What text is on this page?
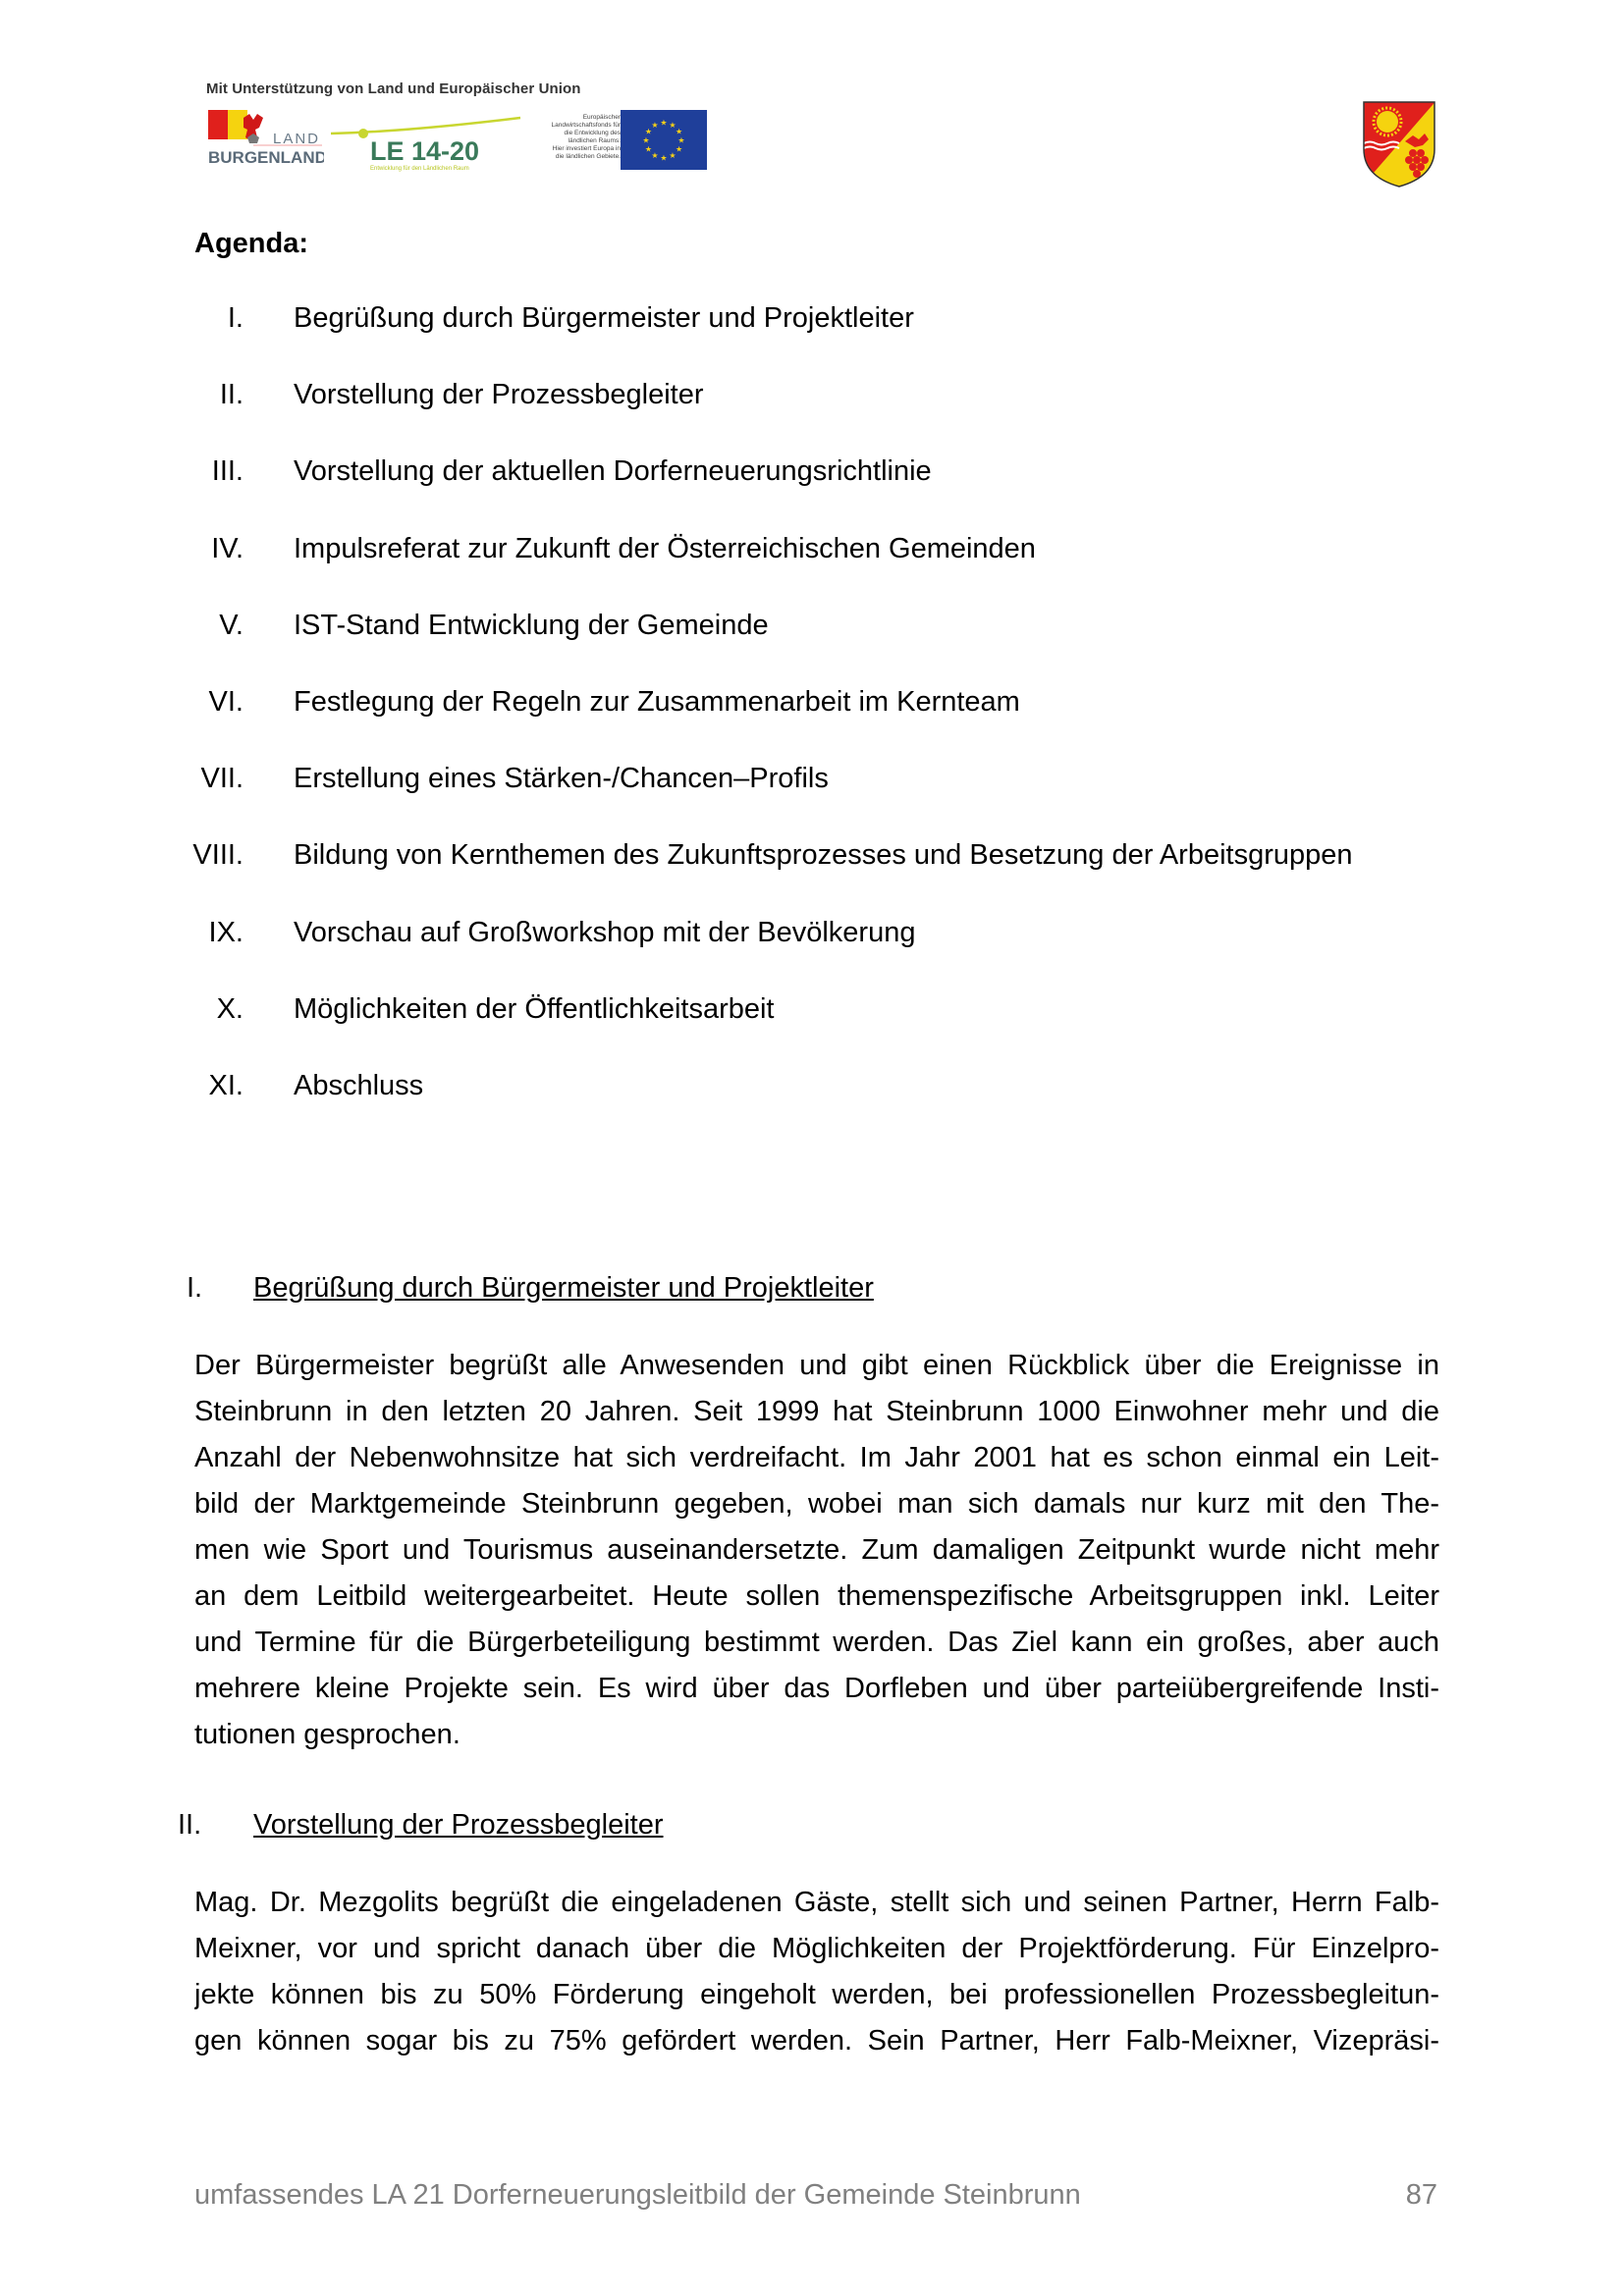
Mit Unterstützung von Land und Europäischer Union
LAND
BURGENLAND LE 14-20
Entwicklung für den Ländlichen Raum
Europäischer
Landwirtschaftsfonds für
die Entwicklung des
ländlichen Raums:
Hier investiert Europa in
die ländlichen Gebiete.
★ ★
★
★
★
★
★
★
★
★
★
★
Agenda:
I. Begrüßung durch Bürgermeister und Projektleiter
II. Vorstellung der Prozessbegleiter
III. Vorstellung der aktuellen Dorferneuerungsrichtlinie
IV. Impulsreferat zur Zukunft der Österreichischen Gemeinden
V. IST-Stand Entwicklung der Gemeinde
VI. Festlegung der Regeln zur Zusammenarbeit im Kernteam
VII. Erstellung eines Stärken-/Chancen–Profils
VIII. Bildung von Kernthemen des Zukunftsprozesses und Besetzung der Arbeitsgruppen
IX. Vorschau auf Großworkshop mit der Bevölkerung
X. Möglichkeiten der Öffentlichkeitsarbeit
XI. Abschluss
I. Begrüßung durch Bürgermeister und Projektleiter
Der Bürgermeister begrüßt alle Anwesenden und gibt einen Rückblick über die Ereignisse in
Steinbrunn in den letzten 20 Jahren. Seit 1999 hat Steinbrunn 1000 Einwohner mehr und die
Anzahl der Nebenwohnsitze hat sich verdreifacht. Im Jahr 2001 hat es schon einmal ein Leit-
bild der Marktgemeinde Steinbrunn gegeben, wobei man sich damals nur kurz mit den The-
men wie Sport und Tourismus auseinandersetzte. Zum damaligen Zeitpunkt wurde nicht mehr
an dem Leitbild weitergearbeitet. Heute sollen themenspezifische Arbeitsgruppen inkl. Leiter
und Termine für die Bürgerbeteiligung bestimmt werden. Das Ziel kann ein großes, aber auch
mehrere kleine Projekte sein. Es wird über das Dorfleben und über parteiübergreifende Insti-
tutionen gesprochen.
II. Vorstellung der Prozessbegleiter
Mag. Dr. Mezgolits begrüßt die eingeladenen Gäste, stellt sich und seinen Partner, Herrn Falb-
Meixner, vor und spricht danach über die Möglichkeiten der Projektförderung. Für Einzelpro-
jekte können bis zu 50% Förderung eingeholt werden, bei professionellen Prozessbegleitun-
gen können sogar bis zu 75% gefördert werden. Sein Partner, Herr Falb-Meixner, Vizepräsi-
umfassendes LA 21 Dorferneuerungsleitbild der Gemeinde Steinbrunn	87
